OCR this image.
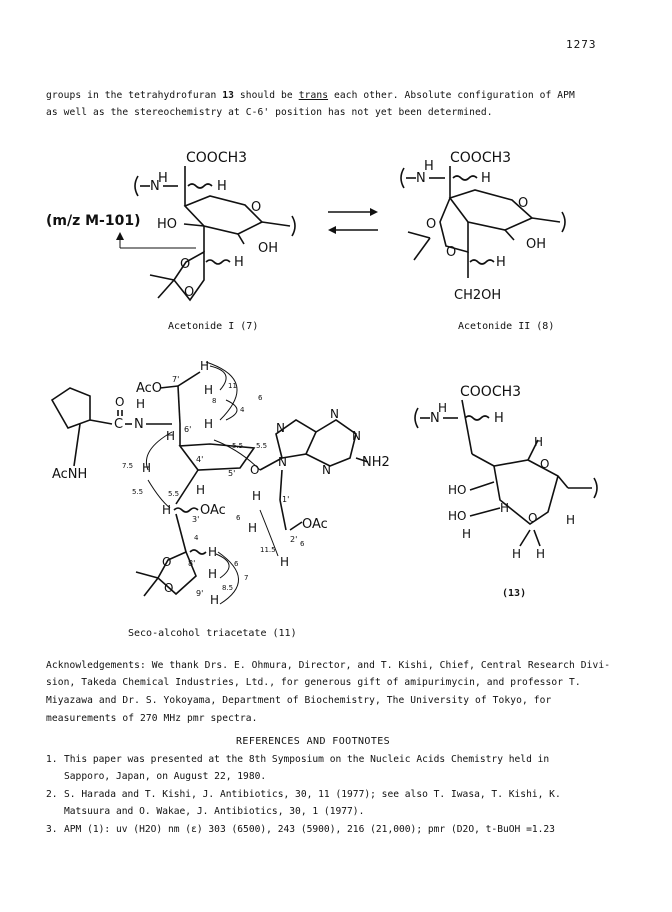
1273
groups in the tetrahydrofuran 13 should be trans each other. Absolute configuration of APM
as well as the stereochemistry at C-6' position has not yet been determined.
COOCH3
H
N	H
O
OH
HO
(m/z M-101)
O
O
H
Acetonide I (7)
COOCH3
H
N	H
O
OH
O
O
H
CH2OH
Acetonide II (8)
AcNH
C
O
N
H
AcO
H
H
H
7'
6'
H
4'
5' O
H
H
H OAc
3'
N
N
N
N
N	NH2
1'
H
OAc
2'
H
H
O
O
8'
9'
H
H
H
11
8	6
4
5.5 5.5
7.5
5.5	5.5
6
6
11.5
4
6
8.5
7
Seco-alcohol triacetate (11)
COOCH3
H
N	H
H
O
HO
HO
H
H
O H
H H
(13)
Acknowledgements: We thank Drs. E. Ohmura, Director, and T. Kishi, Chief, Central Research Divi-
sion, Takeda Chemical Industries, Ltd., for generous gift of amipurimycin, and professor T.
Miyazawa and Dr. S. Yokoyama, Department of Biochemistry, The University of Tokyo, for
measurements of 270 MHz pmr spectra.
REFERENCES AND FOOTNOTES
1. This paper was presented at the 8th Symposium on the Nucleic Acids Chemistry held in
Sapporo, Japan, on August 22, 1980.
2. S. Harada and T. Kishi, J. Antibiotics, 30, 11 (1977); see also T. Iwasa, T. Kishi, K.
Matsuura and O. Wakae, J. Antibiotics, 30, 1 (1977).
3. APM (1): uv (H2O) nm (ε) 303 (6500), 243 (5900), 216 (21,000); pmr (D2O, t-BuOH =1.23
